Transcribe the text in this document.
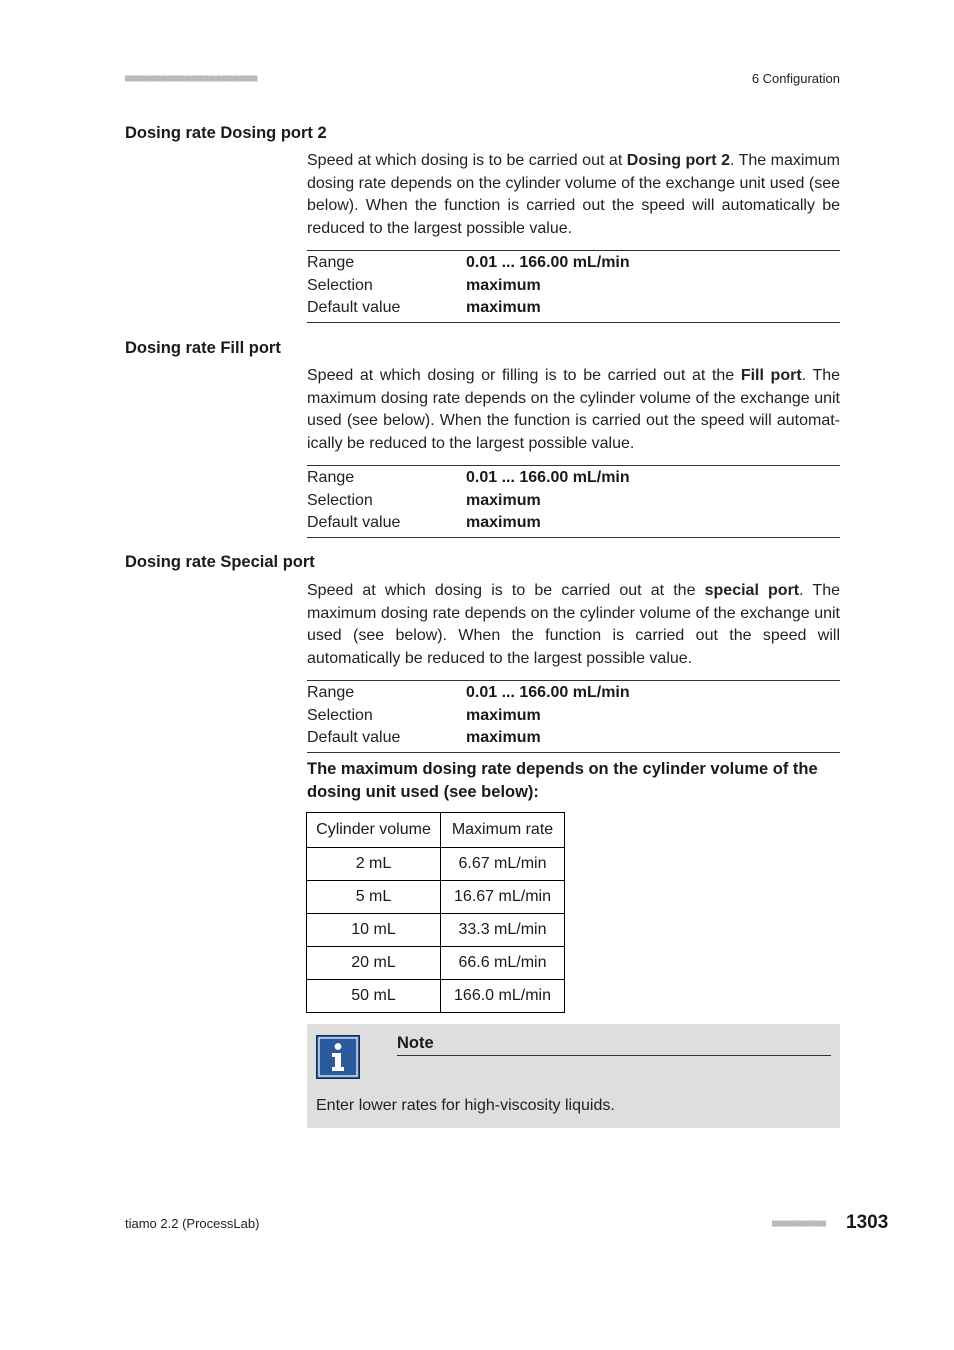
■■■■■■■■■■■■■■■■■■■■■■	6 Configuration
Dosing rate Dosing port 2
Speed at which dosing is to be carried out at Dosing port 2. The maximum dosing rate depends on the cylinder volume of the exchange unit used (see below). When the function is carried out the speed will automatically be reduced to the largest possible value.
Range	0.01 ... 166.00 mL/min
Selection	maximum
Default value	maximum
Dosing rate Fill port
Speed at which dosing or filling is to be carried out at the Fill port. The maximum dosing rate depends on the cylinder volume of the exchange unit used (see below). When the function is carried out the speed will automatically be reduced to the largest possible value.
Range	0.01 ... 166.00 mL/min
Selection	maximum
Default value	maximum
Dosing rate Special port
Speed at which dosing is to be carried out at the special port. The maximum dosing rate depends on the cylinder volume of the exchange unit used (see below). When the function is carried out the speed will automatically be reduced to the largest possible value.
Range	0.01 ... 166.00 mL/min
Selection	maximum
Default value	maximum
The maximum dosing rate depends on the cylinder volume of the dosing unit used (see below):
Cylinder volume	Maximum rate
2 mL	6.67 mL/min
5 mL	16.67 mL/min
10 mL	33.3 mL/min
20 mL	66.6 mL/min
50 mL	166.0 mL/min
Note
Enter lower rates for high-viscosity liquids.
tiamo 2.2 (ProcessLab)	■■■■■■■■■ 1303
